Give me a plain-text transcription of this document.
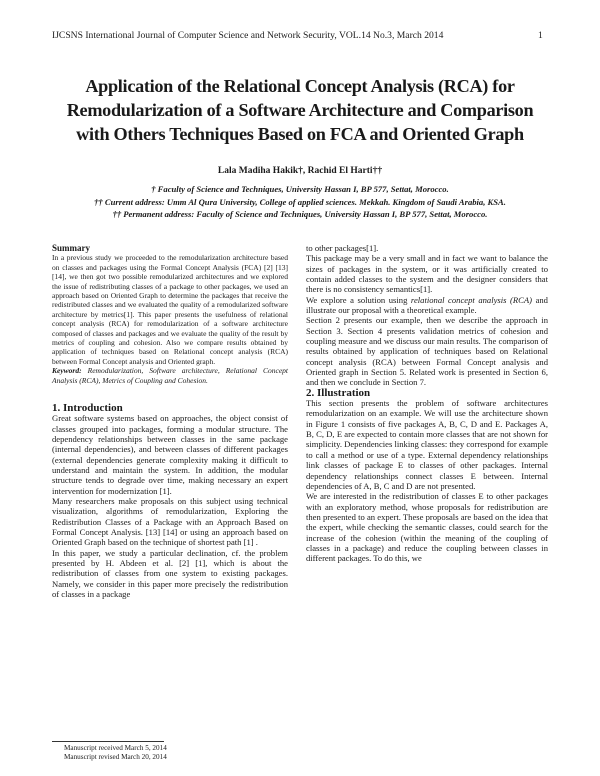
IJCSNS International Journal of Computer Science and Network Security, VOL.14 No.3, March 2014	1
Application of the Relational Concept Analysis (RCA) for
Remodularization of a Software Architecture and Comparison
with Others Techniques Based on FCA and Oriented Graph
Lala Madiha Hakik†, Rachid El Harti††
† Faculty of Science and Techniques, University Hassan I, BP 577, Settat, Morocco.
†† Current address: Umm Al Qura University, College of applied sciences. Mekkah. Kingdom of Saudi Arabia, KSA.
†† Permanent address: Faculty of Science and Techniques, University Hassan I, BP 577, Settat, Morocco.

Summary

In a previous study we proceeded to the remodularization architecture based on classes and packages using the Formal Concept Analysis (FCA) [2] [13] [14], we then got two possible remodularized architectures and we explored the issue of redistributing classes of a package to other packages, we used an approach based on Oriented Graph to determine the packages that receive the redistributed classes and we evaluated the quality of a remodularized software architecture by metrics[1]. This paper presents the usefulness of relational concept analysis (RCA) for remodularization of a software architecture composed of classes and packages and we evaluate the quality of the result by metrics of coupling and cohesion. Also we compare results obtained by application of techniques based on Relational concept analysis (RCA) between Formal Concept analysis and Oriented graph.

Keyword: Remodularization, Software architecture, Relational Concept Analysis (RCA), Metrics of Coupling and Cohesion.

1. Introduction

Great software systems based on approaches, the object consist of classes grouped into packages, forming a modular structure. The dependency relationships between classes in the same package (internal dependencies), and between classes of different packages (external dependencies generate complexity making it difficult to understand and maintain the system. In addition, the modular structure tends to degrade over time, making necessary an expert intervention for modernization [1].

Many researchers make proposals on this subject using technical visualization, algorithms of remodularization, Exploring the Redistribution Classes of a Package with an Approach Based on Formal Concept Analysis. [13] [14] or using an approach based on Oriented Graph based on the technique of shortest path [1] .

In this paper, we study a particular declination, cf. the problem presented by H. Abdeen et al. [2] [1], which is about the redistribution of classes from one system to existing packages. Namely, we consider in this paper more precisely the redistribution of classes in a package

to other packages[1].

This package may be a very small and in fact we want to balance the sizes of packages in the system, or it was artificially created to contain added classes to the system and the designer considers that there is no consistency semantics[1].

We explore a solution using relational concept analysis (RCA) and illustrate our proposal with a theoretical example.

Section 2 presents our example, then we describe the approach in Section 3. Section 4 presents validation metrics of cohesion and coupling measure and we discuss our main results. The comparison of results obtained by application of techniques based on Relational concept analysis (RCA) between Formal Concept analysis and Oriented graph in Section 5. Related work is presented in Section 6, and then we conclude in Section 7.

2. Illustration

This section presents the problem of software architectures remodularization on an example. We will use the architecture shown in Figure 1 consists of five packages A, B, C, D and E. Packages A, B, C, D, E are expected to contain more classes that are not shown for simplicity. Dependencies linking classes: they correspond for example to call a method or use of a type. External dependency relationships link classes of package E to classes of other packages. Internal dependency relationships connect classes E between. Internal dependencies of A, B, C and D are not presented.

We are interested in the redistribution of classes E to other packages with an exploratory method, whose proposals for redistribution are then presented to an expert. These proposals are based on the idea that the expert, while checking the semantic classes, could search for the increase of the cohesion (within the meaning of the coupling of classes in a package) and reduce the coupling between classes in different packages. To do this, we

Manuscript received March 5, 2014
Manuscript revised March 20, 2014
